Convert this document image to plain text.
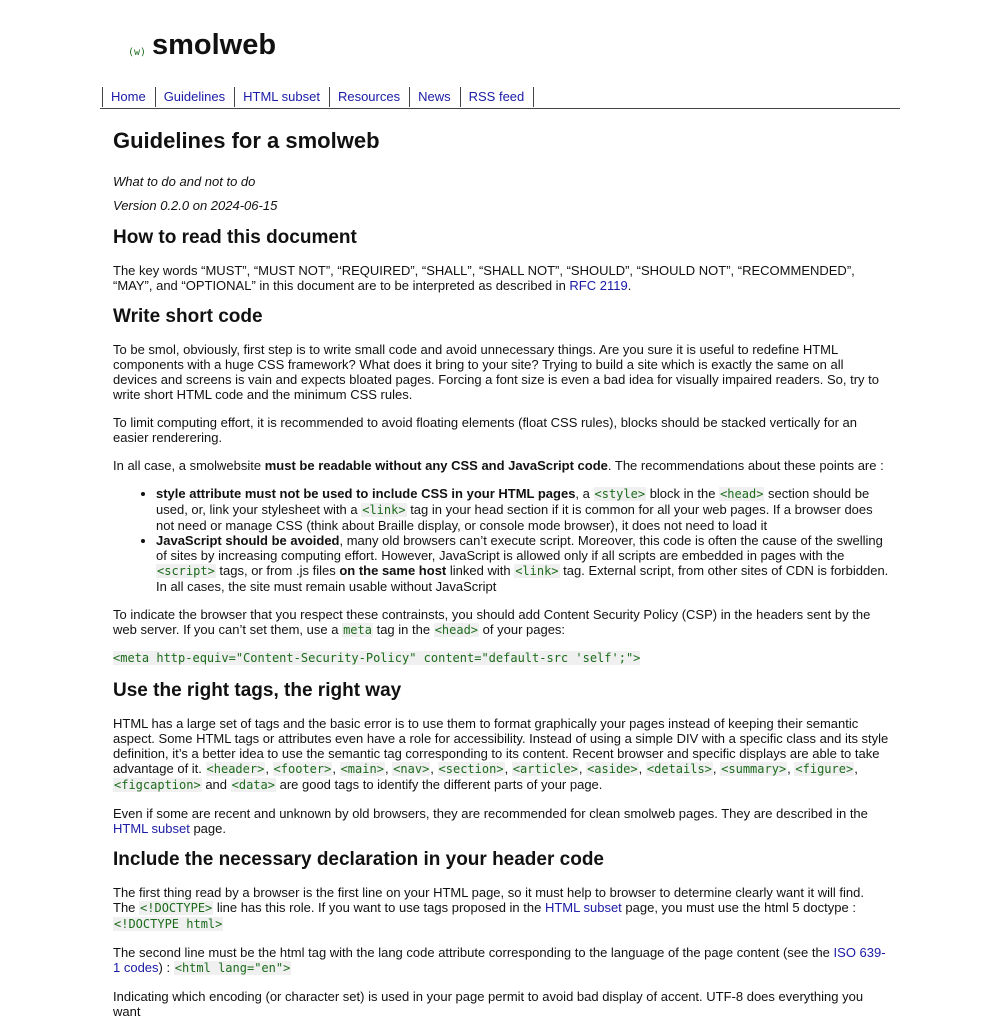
(w) smolweb
Home	Guidelines	HTML subset	Resources	News	RSS feed
Guidelines for a smolweb

What to do and not to do

Version 0.2.0 on 2024-06-15

How to read this document

The key words “MUST”, “MUST NOT”, “REQUIRED”, “SHALL”, “SHALL NOT”, “SHOULD”, “SHOULD NOT”, “RECOMMENDED”, “MAY”, and “OPTIONAL” in this document are to be interpreted as described in RFC 2119.

Write short code

To be smol, obviously, first step is to write small code and avoid unnecessary things. Are you sure it is useful to redefine HTML components with a huge CSS framework? What does it bring to your site? Trying to build a site which is exactly the same on all devices and screens is vain and expects bloated pages. Forcing a font size is even a bad idea for visually impaired readers. So, try to write short HTML code and the minimum CSS rules.

To limit computing effort, it is recommended to avoid floating elements (float CSS rules), blocks should be stacked vertically for an easier renderering.

In all case, a smolwebsite must be readable without any CSS and JavaScript code. The recommendations about these points are :

• style attribute must not be used to include CSS in your HTML pages, a <style> block in the <head> section should be used, or, link your stylesheet with a <link> tag in your head section if it is common for all your web pages. If a browser does not need or manage CSS (think about Braille display, or console mode browser), it does not need to load it
• JavaScript should be avoided, many old browsers can’t execute script. Moreover, this code is often the cause of the swelling of sites by increasing computing effort. However, JavaScript is allowed only if all scripts are embedded in pages with the <script> tags, or from .js files on the same host linked with <link> tag. External script, from other sites of CDN is forbidden. In all cases, the site must remain usable without JavaScript

To indicate the browser that you respect these contrainsts, you should add Content Security Policy (CSP) in the headers sent by the web server. If you can’t set them, use a meta tag in the <head> of your pages:

<meta http-equiv="Content-Security-Policy" content="default-src 'self';">

Use the right tags, the right way

HTML has a large set of tags and the basic error is to use them to format graphically your pages instead of keeping their semantic aspect. Some HTML tags or attributes even have a role for accessibility. Instead of using a simple DIV with a specific class and its style definition, it’s a better idea to use the semantic tag corresponding to its content. Recent browser and specific displays are able to take advantage of it. <header>, <footer>, <main>, <nav>, <section>, <article>, <aside>, <details>, <summary>, <figure>, <figcaption> and <data> are good tags to identify the different parts of your page.

Even if some are recent and unknown by old browsers, they are recommended for clean smolweb pages. They are described in the HTML subset page.

Include the necessary declaration in your header code

The first thing read by a browser is the first line on your HTML page, so it must help to browser to determine clearly want it will find. The <!DOCTYPE> line has this role. If you want to use tags proposed in the HTML subset page, you must use the html 5 doctype :
<!DOCTYPE html>

The second line must be the html tag with the lang code attribute corresponding to the language of the page content (see the ISO 639-1 codes) : <html lang="en">

Indicating which encoding (or character set) is used in your page permit to avoid bad display of accent. UTF-8 does everything you want
